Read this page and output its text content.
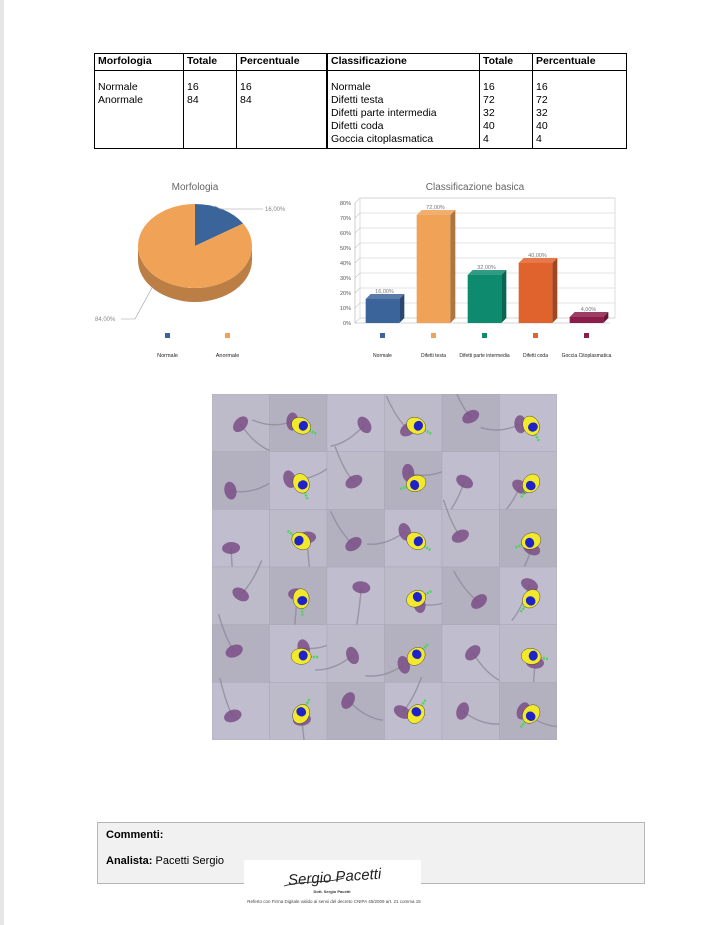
Morfologia	Totale	Percentuale
Normale	16	16
Anormale	84	84

Classificazione	Totale	Percentuale
Normale	16	16
Difetti testa	72	72
Difetti parte intermedia	32	32
Difetti coda	40	40
Goccia citoplasmatica	4	4
Morfologia
16,00%
84,00%
Normale	Anormale
Classificazione basica
0%
10%
20%
30%
40%
50%
60%
70%
80%
16,00%
Normale
72,00%
Difetti testa
32,00%
Difetti parte intermedia
40,00%
Difetti coda
4,00%
Goccia Citoplasmatica
Commenti:
Analista: Pacetti Sergio
Sergio Pacetti
Dott. Sergio Pacetti
Referto con Firma Digitale valido ai sensi del decreto CNIPA 45/2009 art. 21 comma 15
